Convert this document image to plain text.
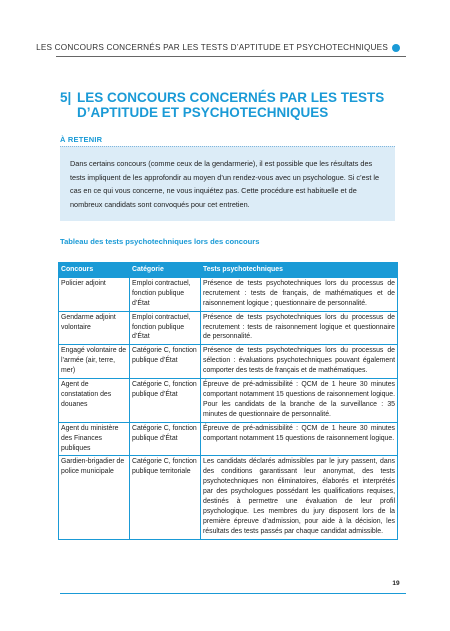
LES CONCOURS CONCERNÉS PAR LES TESTS D’APTITUDE ET PSYCHOTECHNIQUES
5| LES CONCOURS CONCERNÉS PAR LES TESTS D’APTITUDE ET PSYCHOTECHNIQUES
À RETENIR
Dans certains concours (comme ceux de la gendarmerie), il est possible que les résultats des tests impliquent de les approfondir au moyen d’un rendez-vous avec un psychologue. Si c’est le cas en ce qui vous concerne, ne vous inquiétez pas. Cette procédure est habituelle et de nombreux candidats sont convoqués pour cet entretien.
Tableau des tests psychotechniques lors des concours
Concours	Catégorie	Tests psychotechniques
Policier adjoint	Emploi contractuel, fonction publique d’État	Présence de tests psychotechniques lors du processus de recrutement : tests de français, de mathématiques et de raisonnement logique ; questionnaire de personnalité.
Gendarme adjoint volontaire	Emploi contractuel, fonction publique d’État	Présence de tests psychotechniques lors du processus de recrutement : tests de raisonnement logique et questionnaire de personnalité.
Engagé volontaire de l’armée (air, terre, mer)	Catégorie C, fonction publique d’État	Présence de tests psychotechniques lors du processus de sélection : évaluations psychotechniques pouvant également comporter des tests de français et de mathématiques.
Agent de constatation des douanes	Catégorie C, fonction publique d’État	Épreuve de pré-admissibilité : QCM de 1 heure 30 minutes comportant notamment 15 questions de raisonnement logique. Pour les candidats de la branche de la surveillance : 35 minutes de questionnaire de personnalité.
Agent du ministère des Finances publiques	Catégorie C, fonction publique d’État	Épreuve de pré-admissibilité : QCM de 1 heure 30 minutes comportant notamment 15 questions de raisonnement logique.
Gardien-brigadier de police municipale	Catégorie C, fonction publique territoriale	Les candidats déclarés admissibles par le jury passent, dans des conditions garantissant leur anonymat, des tests psychotechniques non éliminatoires, élaborés et interprétés par des psychologues possédant les qualifications requises, destinés à permettre une évaluation de leur profil psychologique. Les membres du jury disposent lors de la première épreuve d’admission, pour aide à la décision, les résultats des tests passés par chaque candidat admissible.
19
